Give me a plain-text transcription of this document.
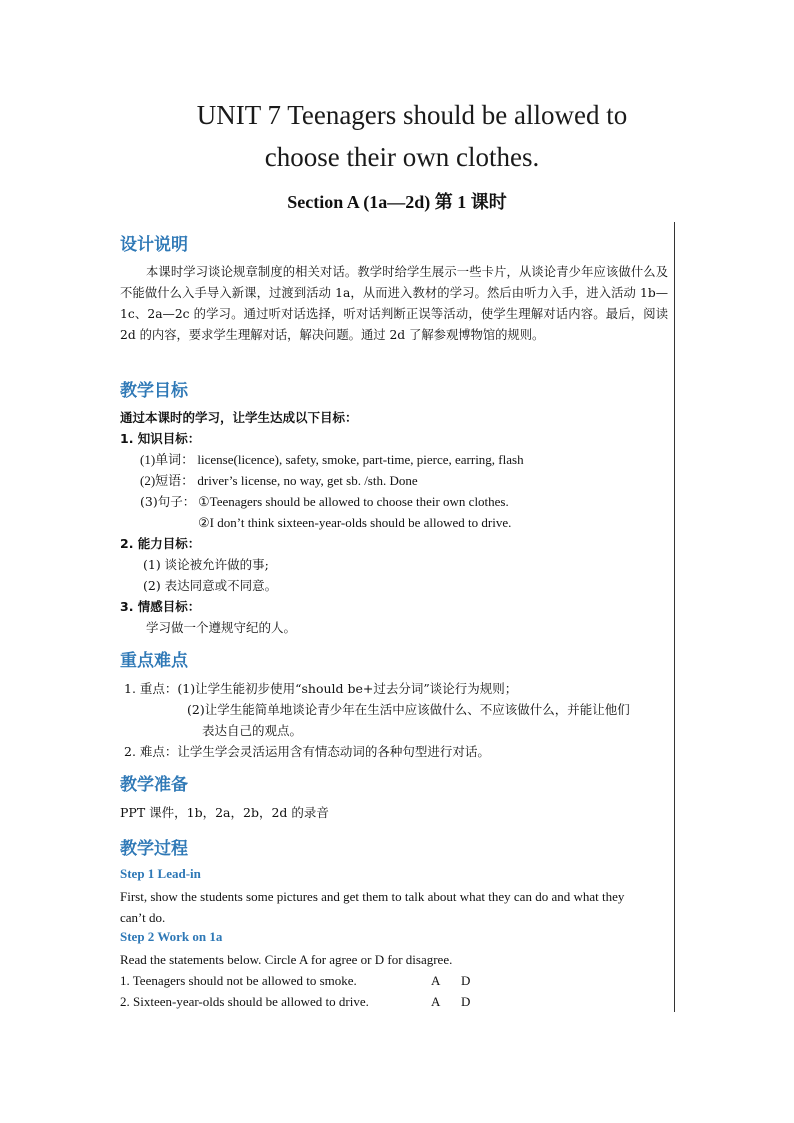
UNIT 7 Teenagers should be allowed to
choose their own clothes.
Section A (1a—2d) 第 1 课时
设计说明
本课时学习谈论规章制度的相关对话。教学时给学生展示一些卡片，从谈论青少年应该做什么及不能做什么入手导入新课，过渡到活动 1a，从而进入教材的学习。然后由听力入手，进入活动 1b—1c、2a—2c 的学习。通过听对话选择，听对话判断正误等活动，使学生理解对话内容。最后，阅读 2d 的内容，要求学生理解对话，解决问题。通过 2d 了解参观博物馆的规则。
教学目标
通过本课时的学习，让学生达成以下目标：
1. 知识目标：
(1)单词： license(licence), safety, smoke, part-time, pierce, earring, flash
(2)短语： driver’s license, no way, get sb. /sth. Done
(3)句子： ①Teenagers should be allowed to choose their own clothes.
②I don’t think sixteen-year-olds should be allowed to drive.
2. 能力目标：
(1) 谈论被允许做的事;
(2) 表达同意或不同意。
3. 情感目标：
学习做一个遵规守纪的人。
重点难点
1. 重点：(1)让学生能初步使用“should be+过去分词”谈论行为规则；
(2)让学生能简单地谈论青少年在生活中应该做什么、不应该做什么，并能让他们
表达自己的观点。
2. 难点：让学生学会灵活运用含有情态动词的各种句型进行对话。
教学准备
PPT 课件，1b，2a，2b，2d 的录音
教学过程
Step 1 Lead-in
First, show the students some pictures and get them to talk about what they can do and what they
can’t do.
Step 2 Work on 1a
Read the statements below. Circle A for agree or D for disagree.
1. Teenagers should not be allowed to smoke.	A D
2. Sixteen-year-olds should be allowed to drive.	A D
